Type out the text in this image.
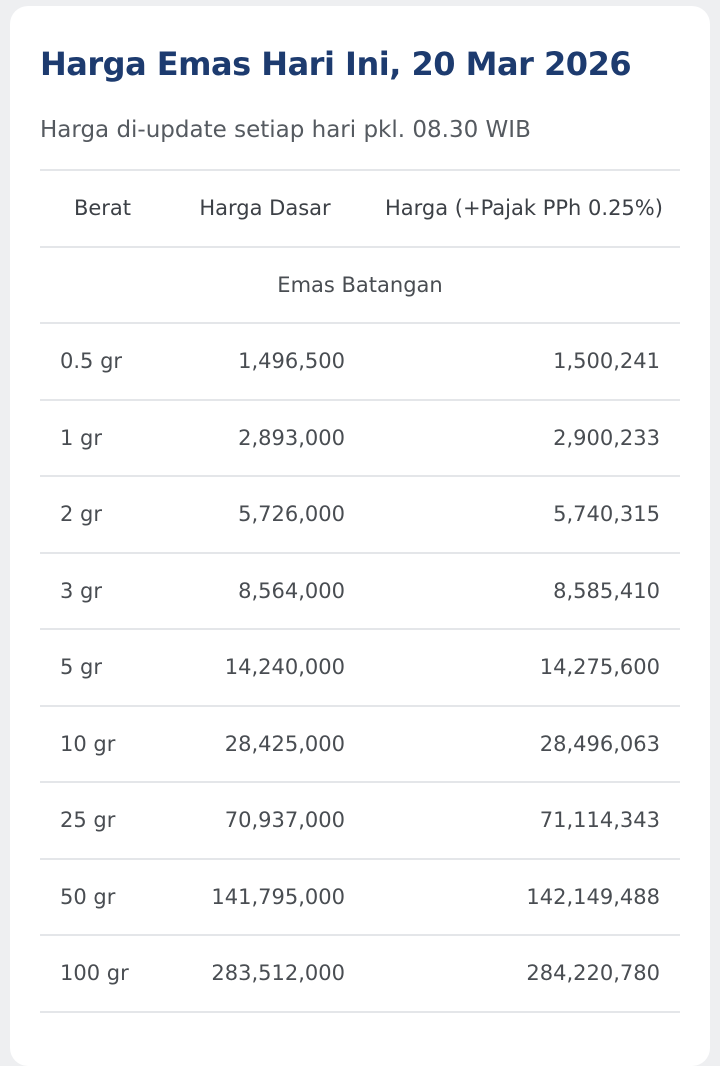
Harga Emas Hari Ini, 20 Mar 2026

Harga di-update setiap hari pkl. 08.30 WIB

Berat	Harga Dasar	Harga (+Pajak PPh 0.25%)
Emas Batangan		
0.5 gr	1,496,500	1,500,241
1 gr	2,893,000	2,900,233
2 gr	5,726,000	5,740,315
3 gr	8,564,000	8,585,410
5 gr	14,240,000	14,275,600
10 gr	28,425,000	28,496,063
25 gr	70,937,000	71,114,343
50 gr	141,795,000	142,149,488
100 gr	283,512,000	284,220,780
